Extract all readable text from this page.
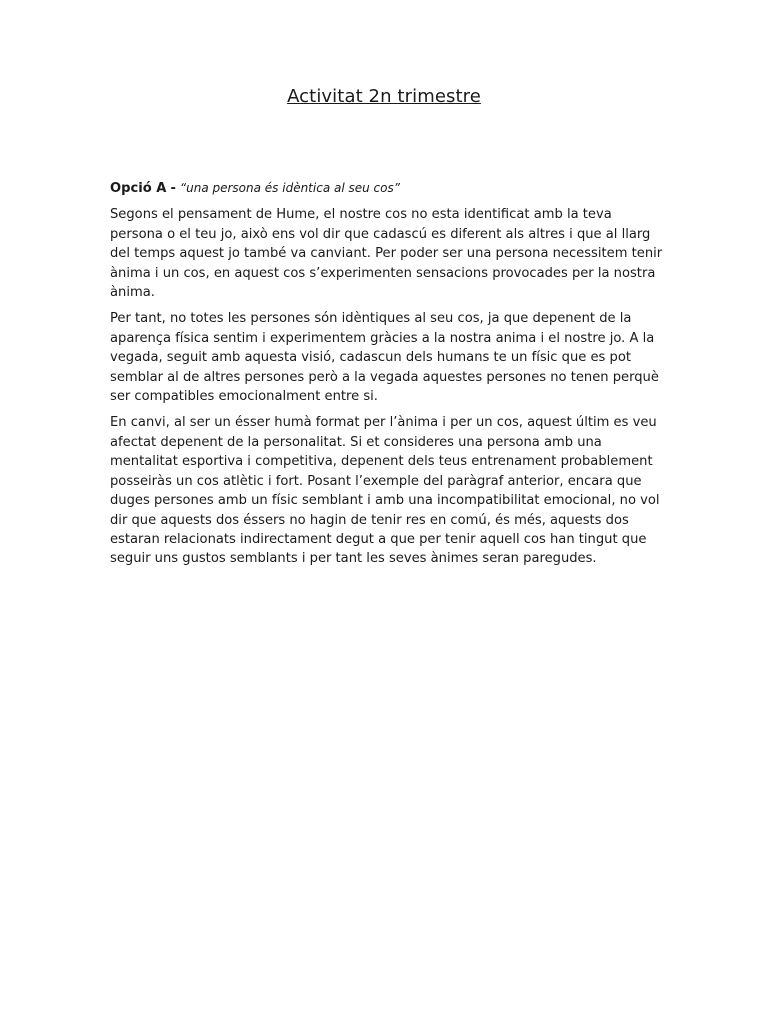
Activitat 2n trimestre

Opció A - “una persona és idèntica al seu cos”

Segons el pensament de Hume, el nostre cos no esta identificat amb la teva persona o el teu jo, això ens vol dir que cadascú es diferent als altres i que al llarg del temps aquest jo també va canviant. Per poder ser una persona necessitem tenir ànima i un cos, en aquest cos s’experimenten sensacions provocades per la nostra ànima.

Per tant, no totes les persones són idèntiques al seu cos, ja que depenent de la aparença física sentim i experimentem gràcies a la nostra anima i el nostre jo. A la vegada, seguit amb aquesta visió, cadascun dels humans te un físic que es pot semblar al de altres persones però a la vegada aquestes persones no tenen perquè ser compatibles emocionalment entre si.

En canvi, al ser un ésser humà format per l’ànima i per un cos, aquest últim es veu afectat depenent de la personalitat. Si et consideres una persona amb una mentalitat esportiva i competitiva, depenent dels teus entrenament probablement posseiràs un cos atlètic i fort. Posant l’exemple del paràgraf anterior, encara que duges persones amb un físic semblant i amb una incompatibilitat emocional, no vol dir que aquests dos éssers no hagin de tenir res en comú, és més, aquests dos estaran relacionats indirectament degut a que per tenir aquell cos han tingut que seguir uns gustos semblants i per tant les seves ànimes seran paregudes.
